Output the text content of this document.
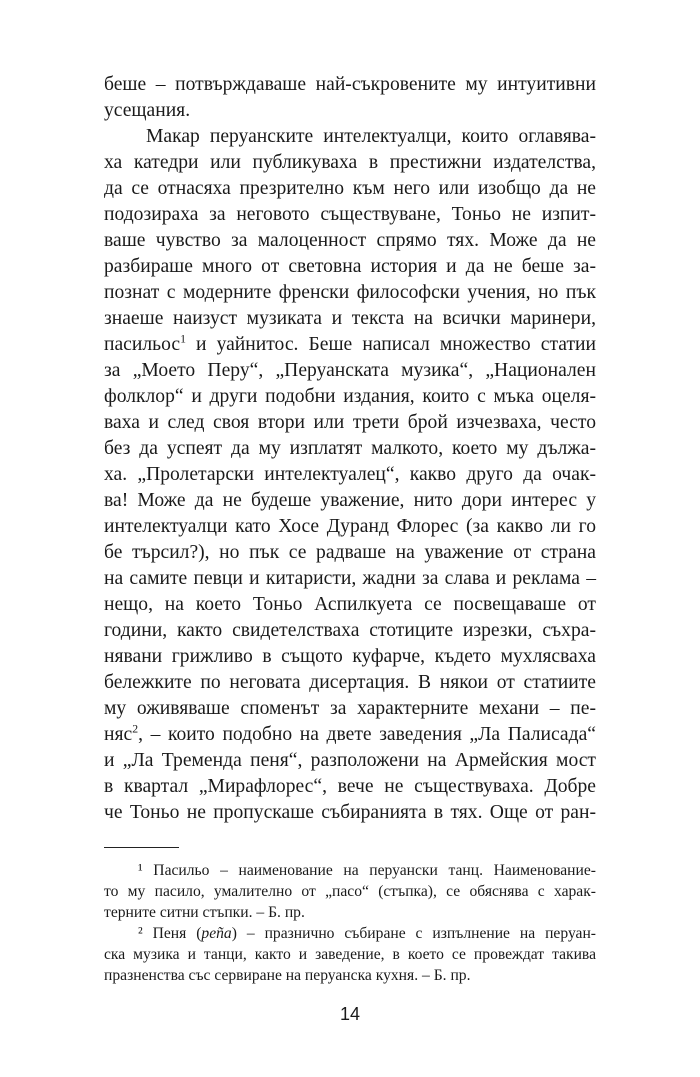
беше – потвърждаваше най-съкровените му интуитивни
усещания.
Макар перуанските интелектуалци, които оглавява-
ха катедри или публикуваха в престижни издателства,
да се отнасяха презрително към него или изобщо да не
подозираха за неговото съществуване, Тоньо не изпит-
ваше чувство за малоценност спрямо тях. Може да не
разбираше много от световна история и да не беше за-
познат с модерните френски философски учения, но пък
знаеше наизуст музиката и текста на всички маринери,
пасильос$^1$ и уайнитос. Беше написал множество статии
за „Моето Перу“, „Перуанската музика“, „Национален
фолклор“ и други подобни издания, които с мъка оцеля-
ваха и след своя втори или трети брой изчезваха, често
без да успеят да му изплатят малкото, което му дължа-
ха. „Пролетарски интелектуалец“, какво друго да очак-
ва! Може да не будеше уважение, нито дори интерес у
интелектуалци като Хосе Дуранд Флорес (за какво ли го
бе търсил?), но пък се радваше на уважение от страна
на самите певци и китаристи, жадни за слава и реклама –
нещо, на което Тоньо Аспилкуета се посвещаваше от
години, както свидетелстваха стотиците изрезки, съхра-
нявани грижливо в същото куфарче, където мухлясваха
бележките по неговата дисертация. В някои от статиите
му оживяваше споменът за характерните механи – пе-
няс$^2$, – които подобно на двете заведения „Ла Палисада“
и „Ла Тременда пеня“, разположени на Армейския мост
в квартал „Мирафлорес“, вече не съществуваха. Добре
че Тоньо не пропускаше събиранията в тях. Още от ран-
¹ Пасильо – наименование на перуански танц. Наименование-
то му пасило, умалително от „пасо“ (стъпка), се обяснява с харак-
терните ситни стъпки. – Б. пр.
² Пеня (peña) – празнично събиране с изпълнение на перуан-
ска музика и танци, както и заведение, в което се провеждат такива
празненства със сервиране на перуанска кухня. – Б. пр.
14
